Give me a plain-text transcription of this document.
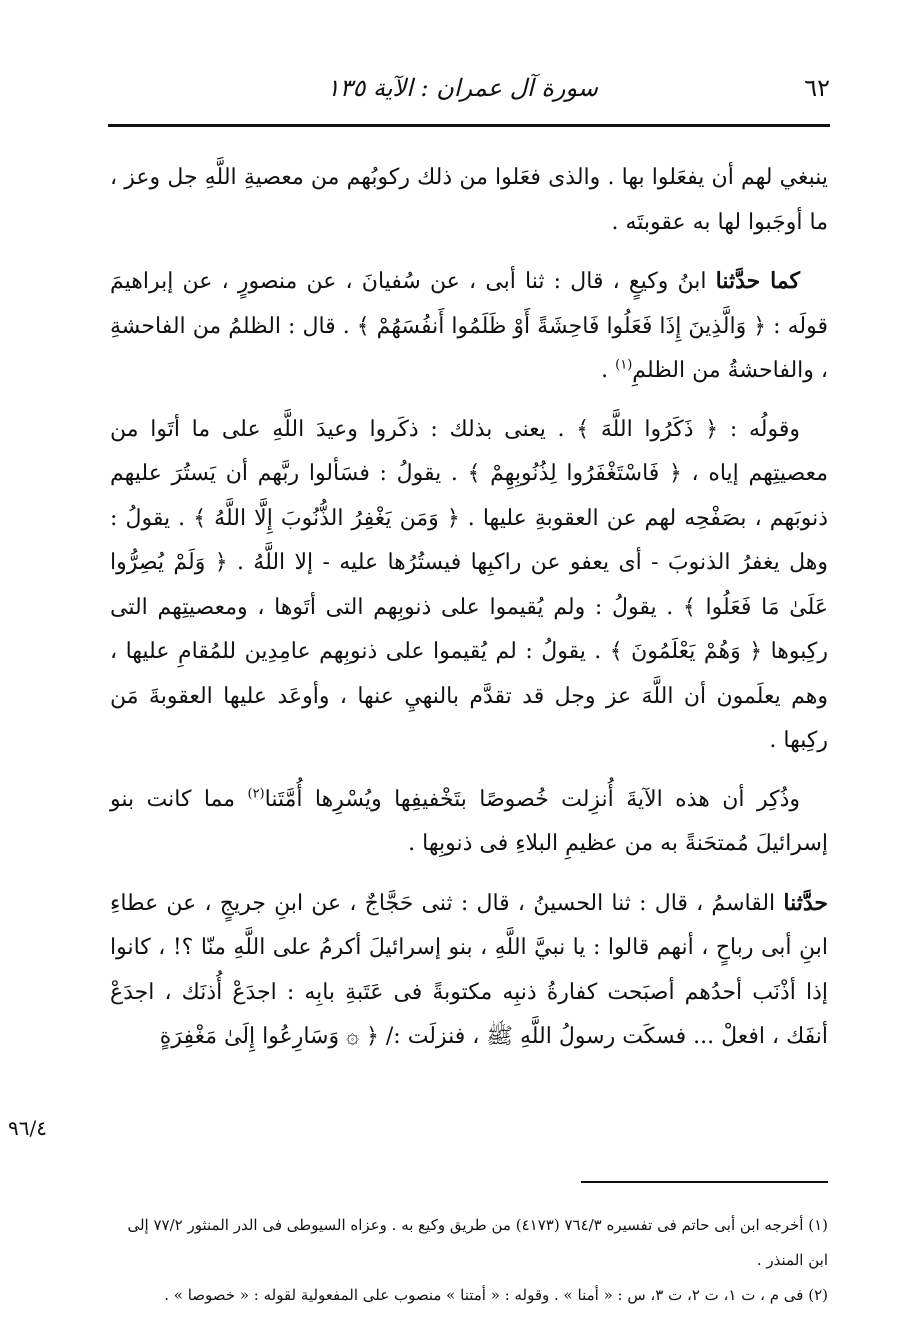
٦٢
سورة آل عمران : الآية ١٣٥

ينبغي لهم أن يفعَلوا بها . والذى فعَلوا من ذلك ركوبُهم من معصيةِ اللَّهِ جل وعز ، ما أوجَبوا لها به عقوبتَه .

كما حدَّثنا ابنُ وكيعٍ ، قال : ثنا أبى ، عن سُفيانَ ، عن منصورٍ ، عن إبراهيمَ قولَه : ﴿ وَالَّذِينَ إِذَا فَعَلُوا فَاحِشَةً أَوْ ظَلَمُوا أَنفُسَهُمْ ﴾ . قال : الظلمُ من الفاحشةِ ، والفاحشةُ من الظلمِ$^{(١)}$ .

وقولُه : ﴿ ذَكَرُوا اللَّهَ ﴾ . يعنى بذلك : ذكَروا وعيدَ اللَّهِ على ما أتَوا من معصيتِهم إياه ، ﴿ فَاسْتَغْفَرُوا لِذُنُوبِهِمْ ﴾ . يقولُ : فسَألوا ربَّهم أن يَستُرَ عليهم ذنوبَهم ، بصَفْحِه لهم عن العقوبةِ عليها . ﴿ وَمَن يَغْفِرُ الذُّنُوبَ إِلَّا اللَّهُ ﴾ . يقولُ : وهل يغفرُ الذنوبَ - أى يعفو عن راكبِها فيستُرُها عليه - إلا اللَّهُ . ﴿ وَلَمْ يُصِرُّوا عَلَىٰ مَا فَعَلُوا ﴾ . يقولُ : ولم يُقيموا على ذنوبِهم التى أتَوها ، ومعصيتِهم التى ركِبوها ﴿ وَهُمْ يَعْلَمُونَ ﴾ . يقولُ : لم يُقيموا على ذنوبِهم عامِدِين للمُقامِ عليها ، وهم يعلَمون أن اللَّهَ عز وجل قد تقدَّم بالنهيِ عنها ، وأوعَد عليها العقوبةَ مَن ركِبها .

وذُكِر أن هذه الآيةَ أُنزِلت خُصوصًا بتَخْفيفِها ويُسْرِها أُمَّتَنا$^{(٢)}$ مما كانت بنو إسرائيلَ مُمتحَنةً به من عظيمِ البلاءِ فى ذنوبِها .

حدَّثنا القاسمُ ، قال : ثنا الحسينُ ، قال : ثنى حَجَّاجٌ ، عن ابنِ جريجٍ ، عن عطاءِ ابنِ أبى رباحٍ ، أنهم قالوا : يا نبيَّ اللَّهِ ، بنو إسرائيلَ أكرمُ على اللَّهِ منّا ؟! ، كانوا إذا أذْنَب أحدُهم أصبَحت كفارةُ ذنبِه مكتوبةً فى عَتَبةِ بابِه : اجدَعْ أُذنَك ، اجدَعْ أنفَك ، افعلْ ... فسكَت رسولُ اللَّهِ ﷺ ، فنزلَت :/ ﴿ ۞ وَسَارِعُوا إِلَىٰ مَغْفِرَةٍ

٩٦/٤

(١) أخرجه ابن أبى حاتم فى تفسيره ٧٦٤/٣ (٤١٧٣) من طريق وكيع به . وعزاه السيوطى فى الدر المنثور ٧٧/٢ إلى ابن المنذر .

(٢) فى م ، ت ١، ت ٢، ت ٣، س : « أمنا » . وقوله : « أمتنا » منصوب على المفعولية لقوله : « خصوصا » .
